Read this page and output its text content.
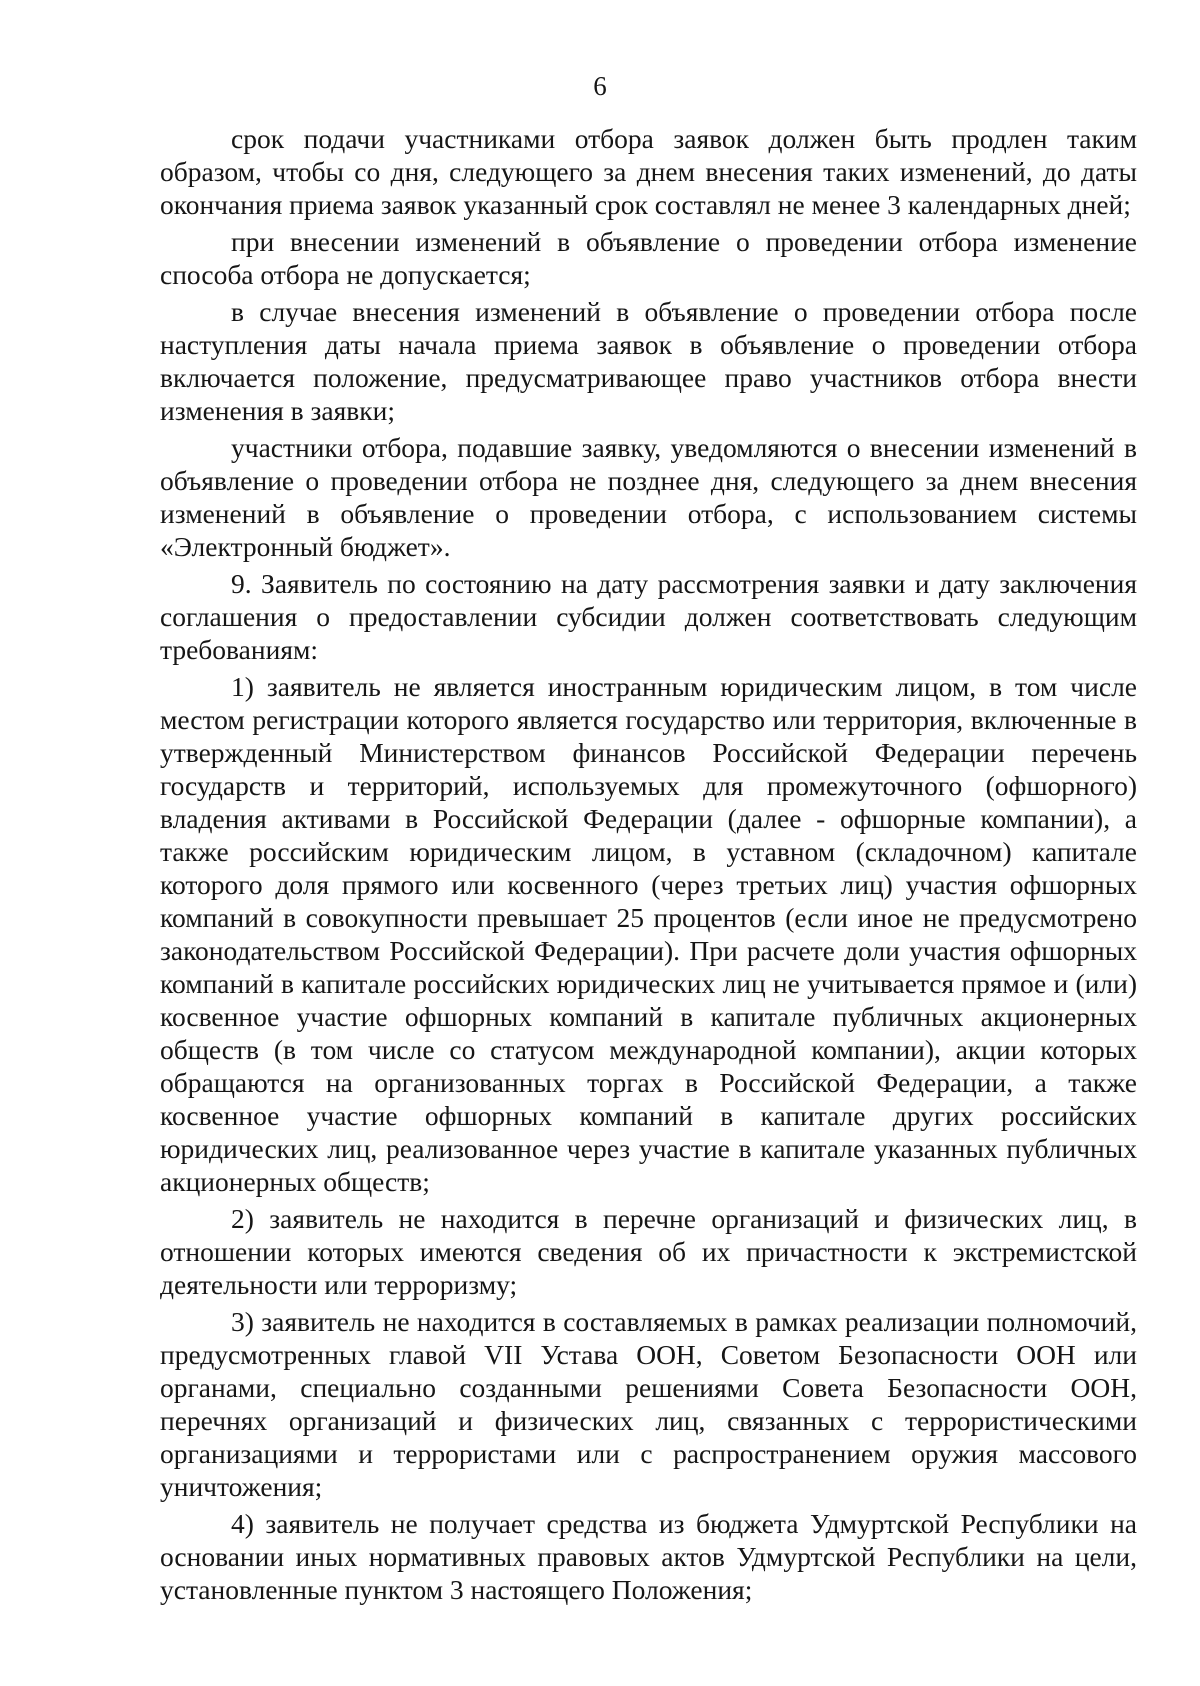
6

срок подачи участниками отбора заявок должен быть продлен таким образом, чтобы со дня, следующего за днем внесения таких изменений, до даты окончания приема заявок указанный срок составлял не менее 3 календарных дней;

при внесении изменений в объявление о проведении отбора изменение способа отбора не допускается;

в случае внесения изменений в объявление о проведении отбора после наступления даты начала приема заявок в объявление о проведении отбора включается положение, предусматривающее право участников отбора внести изменения в заявки;

участники отбора, подавшие заявку, уведомляются о внесении изменений в объявление о проведении отбора не позднее дня, следующего за днем внесения изменений в объявление о проведении отбора, с использованием системы «Электронный бюджет».

9. Заявитель по состоянию на дату рассмотрения заявки и дату заключения соглашения о предоставлении субсидии должен соответствовать следующим требованиям:

1) заявитель не является иностранным юридическим лицом, в том числе местом регистрации которого является государство или территория, включенные в утвержденный Министерством финансов Российской Федерации перечень государств и территорий, используемых для промежуточного (офшорного) владения активами в Российской Федерации (далее - офшорные компании), а также российским юридическим лицом, в уставном (складочном) капитале которого доля прямого или косвенного (через третьих лиц) участия офшорных компаний в совокупности превышает 25 процентов (если иное не предусмотрено законодательством Российской Федерации). При расчете доли участия офшорных компаний в капитале российских юридических лиц не учитывается прямое и (или) косвенное участие офшорных компаний в капитале публичных акционерных обществ (в том числе со статусом международной компании), акции которых обращаются на организованных торгах в Российской Федерации, а также косвенное участие офшорных компаний в капитале других российских юридических лиц, реализованное через участие в капитале указанных публичных акционерных обществ;

2) заявитель не находится в перечне организаций и физических лиц, в отношении которых имеются сведения об их причастности к экстремистской деятельности или терроризму;

3) заявитель не находится в составляемых в рамках реализации полномочий, предусмотренных главой VII Устава ООН, Советом Безопасности ООН или органами, специально созданными решениями Совета Безопасности ООН, перечнях организаций и физических лиц, связанных с террористическими организациями и террористами или с распространением оружия массового уничтожения;

4) заявитель не получает средства из бюджета Удмуртской Республики на основании иных нормативных правовых актов Удмуртской Республики на цели, установленные пунктом 3 настоящего Положения;
